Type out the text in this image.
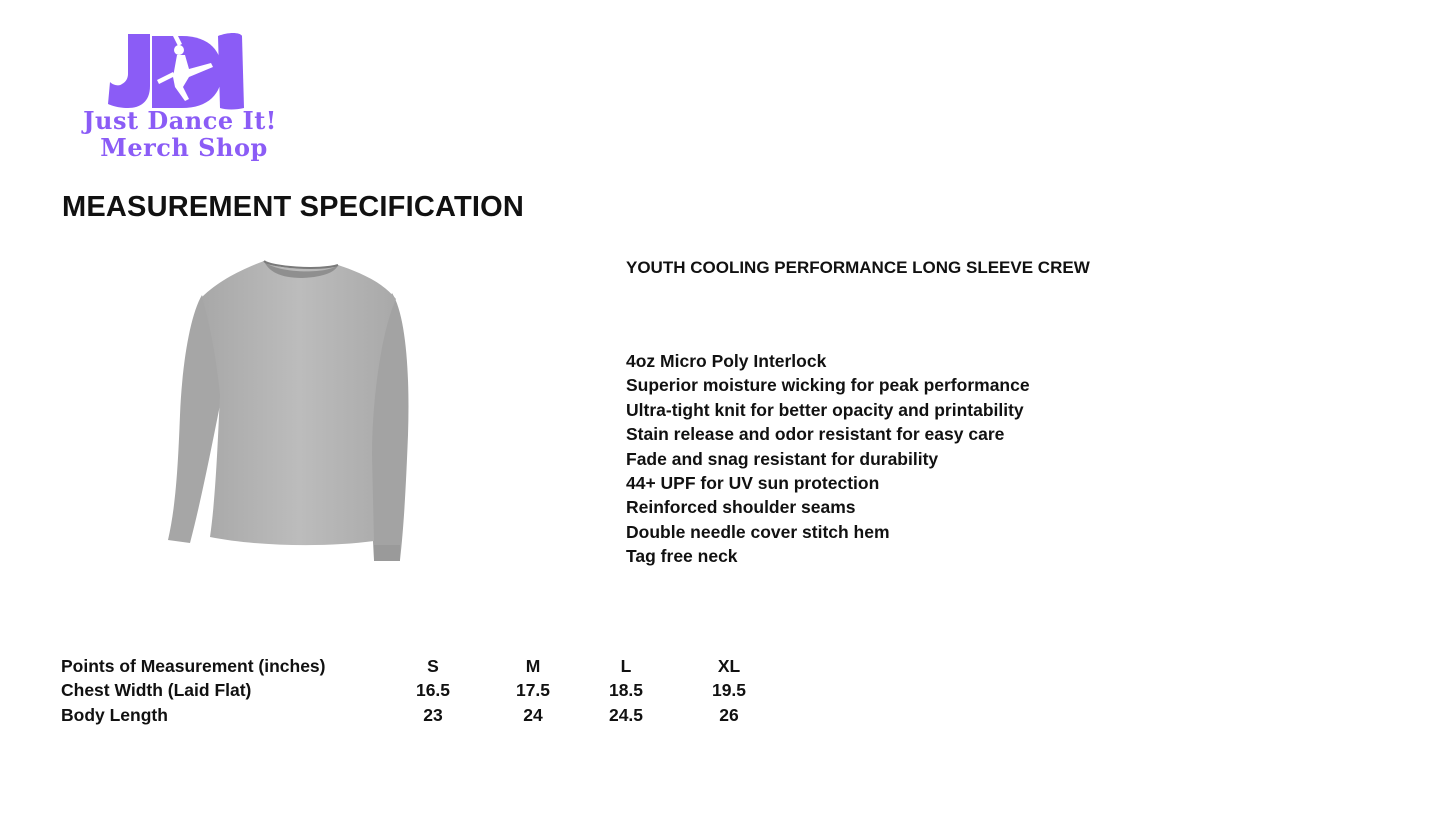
Just Dance It!
Merch Shop
MEASUREMENT SPECIFICATION
YOUTH COOLING PERFORMANCE LONG SLEEVE CREW
4oz Micro Poly Interlock
Superior moisture wicking for peak performance
Ultra-tight knit for better opacity and printability
Stain release and odor resistant for easy care
Fade and snag resistant for durability
44+ UPF for UV sun protection
Reinforced shoulder seams
Double needle cover stitch hem
Tag free neck
Points of Measurement (inches)	S	M	L	XL
Chest Width (Laid Flat)	16.5	17.5	18.5	19.5
Body Length	23	24	24.5	26
